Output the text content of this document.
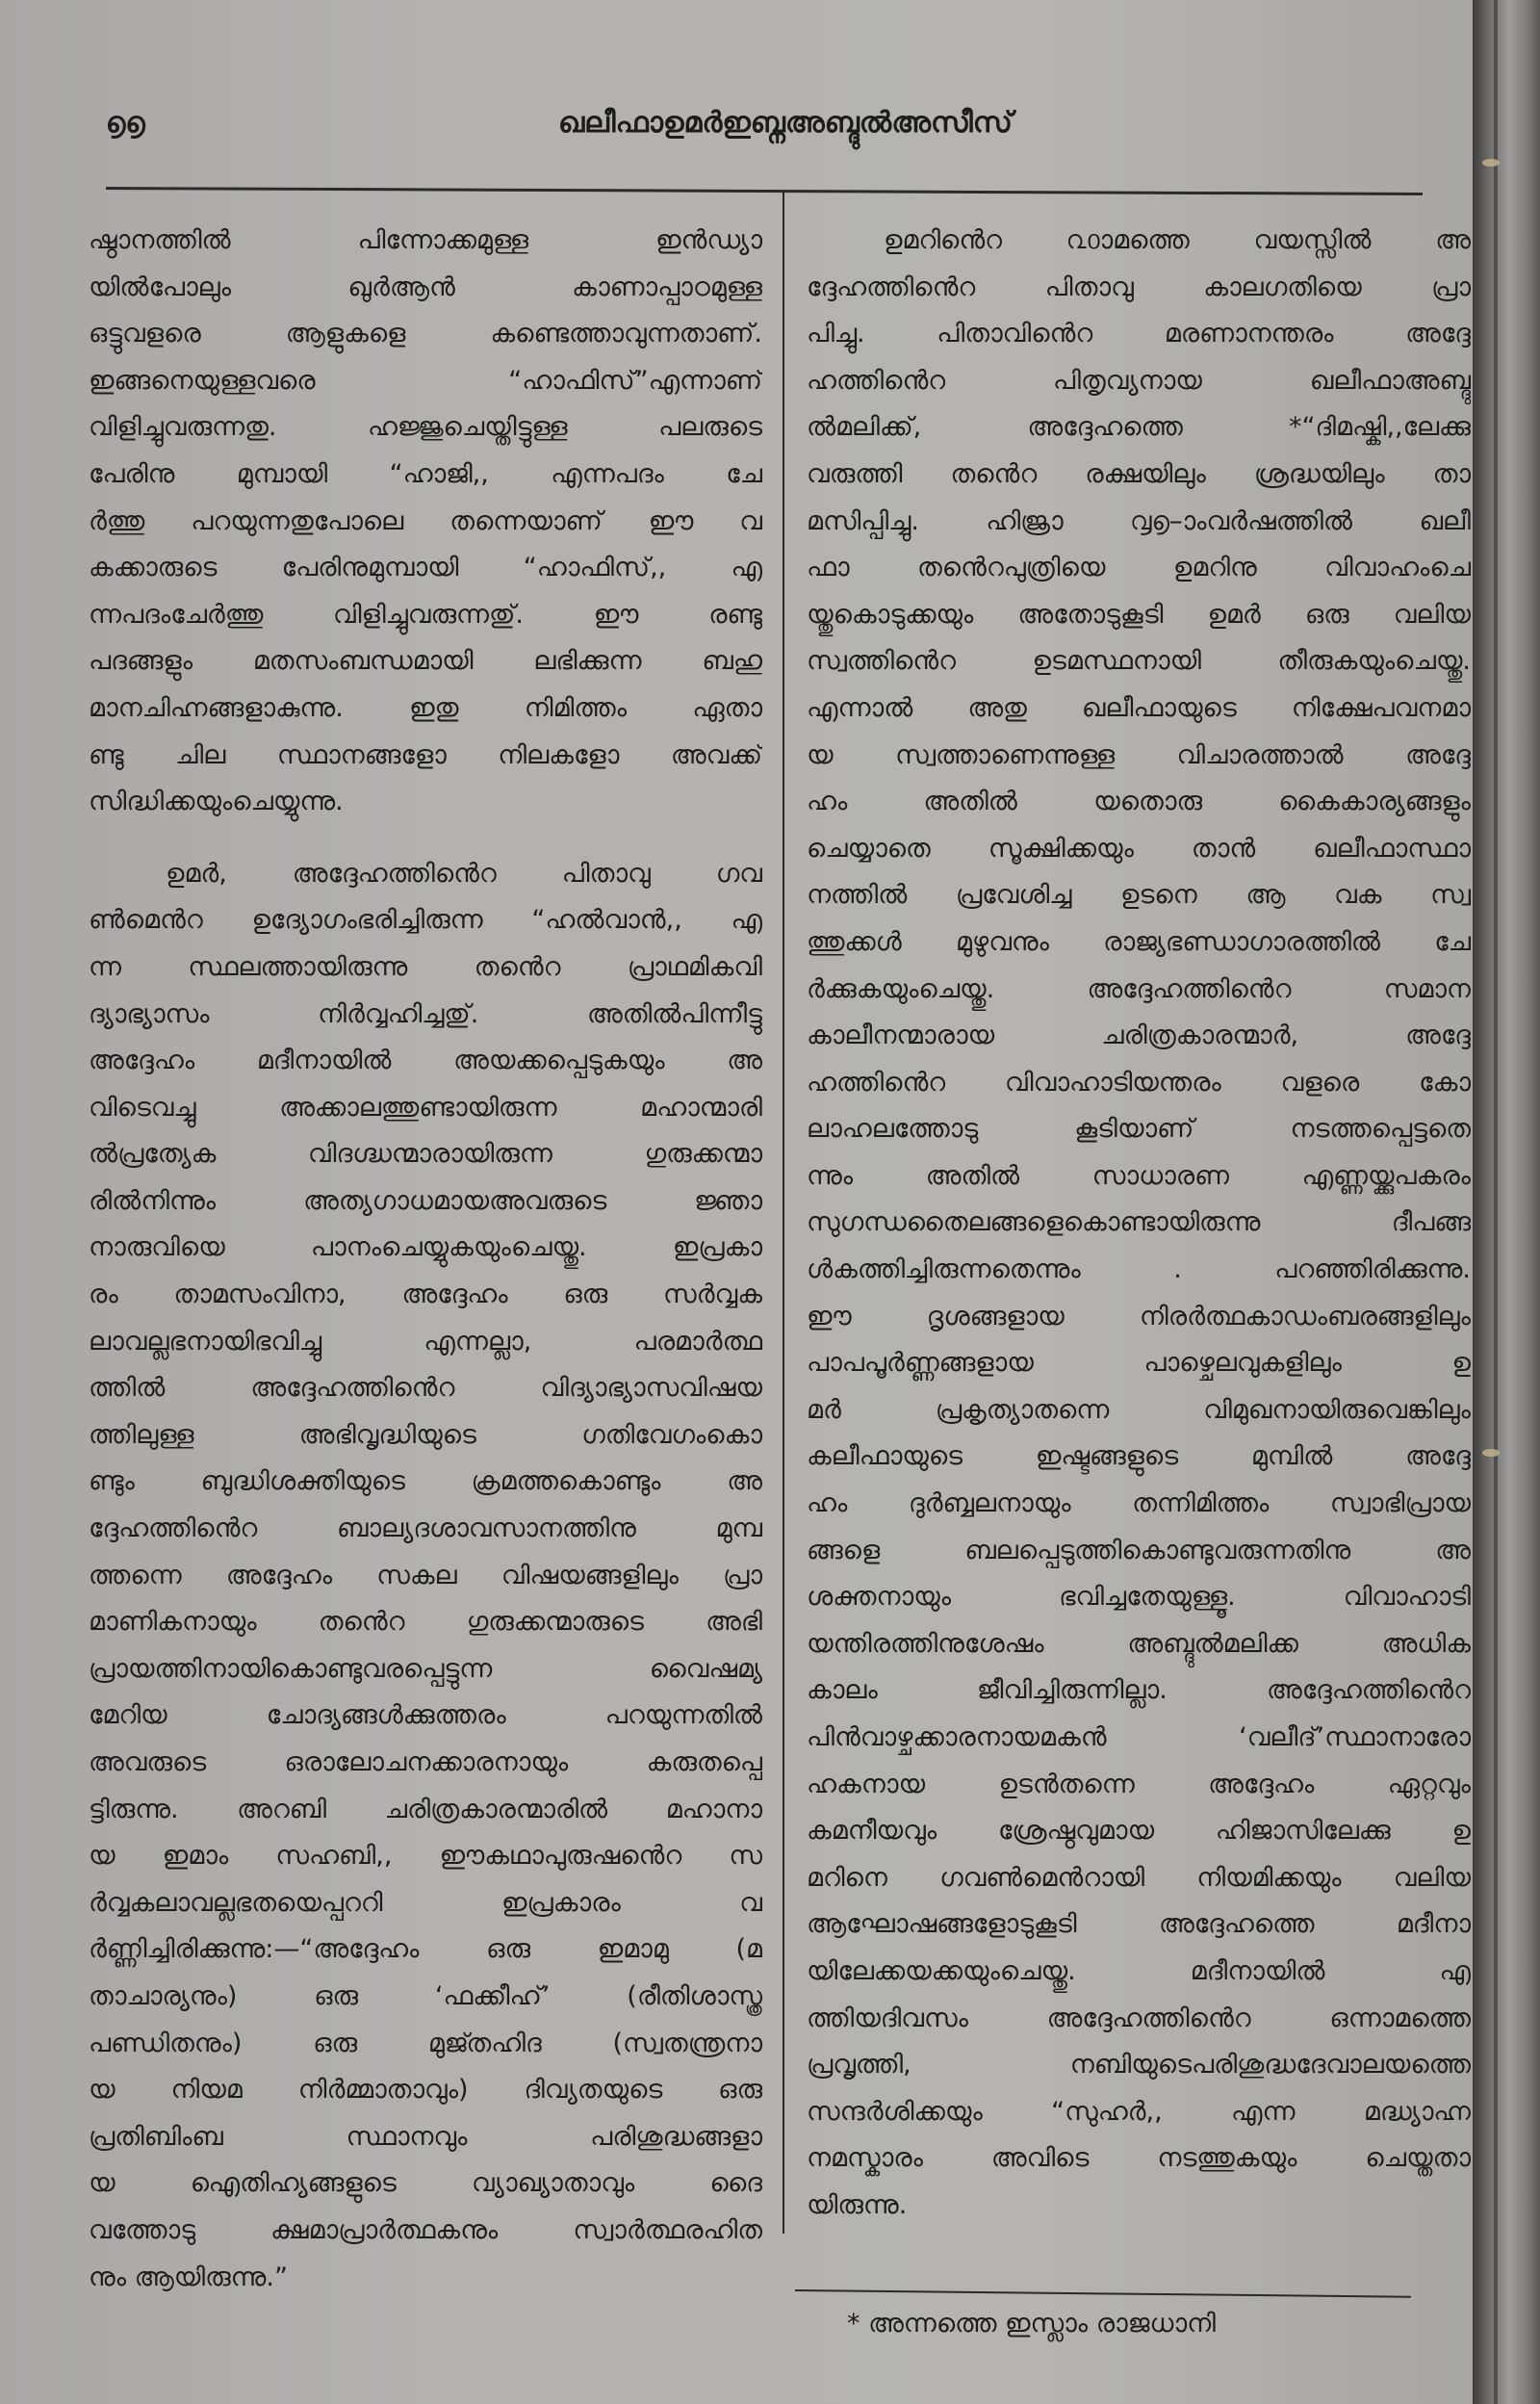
൭൭	ഖലീഫാഉമർഇബ്നഅബ്ദുൽഅസീസ്
ഷ്ഠാനത്തിൽ പിന്നോക്കമുള്ള ഇൻഡ്യാ
യിൽപോലും ഖുർആൻ കാണാപ്പാഠമുള്ള
ഒട്ടുവളരെ ആളുകളെ കണ്ടെത്താവുന്നതാണ്.
ഇങ്ങനെയുള്ളവരെ “ഹാഫിസ്”എന്നാണ്
വിളിച്ചുവരുന്നതു. ഹജ്ജുചെയ്തിട്ടുള്ള പലരുടെ
പേരിനു മുമ്പായി “ഹാജി,, എന്നപദം ചേ
ർത്തു പറയുന്നതുപോലെ തന്നെയാണ് ഈ വ
കക്കാരുടെ പേരിനുമുമ്പായി “ഹാഫിസ്,, എ
ന്നപദംചേർത്തു വിളിച്ചുവരുന്നതു്. ഈ രണ്ടു
പദങ്ങളും മതസംബന്ധമായി ലഭിക്കുന്ന ബഹു
മാനചിഹ്നങ്ങളാകുന്നു. ഇതു നിമിത്തം ഏതാ
ണ്ടു ചില സ്ഥാനങ്ങളോ നിലകളോ അവക്ക്
സിദ്ധിക്കയുംചെയ്യുന്നു.
ഉമർ, അദ്ദേഹത്തിൻെറ പിതാവു ഗവ
ൺമെൻറ ഉദ്യോഗംഭരിച്ചിരുന്ന “ഹൽവാൻ,, എ
ന്ന സ്ഥലത്തായിരുന്നു തൻെറ പ്രാഥമികവി
ദ്യാഭ്യാസം നിർവ്വഹിച്ചതു്. അതിൽപിന്നീട്ടു
അദ്ദേഹം മദീനായിൽ അയക്കപ്പെടുകയും അ
വിടെവച്ചു അക്കാലത്തുണ്ടായിരുന്ന മഹാന്മാരി
ൽപ്രത്യേക വിദഗ്ദ്ധന്മാരായിരുന്ന ഗുരുക്കന്മാ
രിൽനിന്നും അത്യഗാധമായഅവരുടെ ജ്ഞാ
നാരുവിയെ പാനംചെയ്യുകയുംചെയ്തു. ഇപ്രകാ
രം താമസംവിനാ, അദ്ദേഹം ഒരു സർവ്വക
ലാവല്ലഭനായിഭവിച്ചു എന്നല്ലാ, പരമാർത്ഥ
ത്തിൽ അദ്ദേഹത്തിൻെറ വിദ്യാഭ്യാസവിഷയ
ത്തിലുള്ള അഭിവൃദ്ധിയുടെ ഗതിവേഗംകൊ
ണ്ടും ബുദ്ധിശക്തിയുടെ ക്രമത്തകൊണ്ടും അ
ദ്ദേഹത്തിൻെറ ബാല്യദശാവസാനത്തിനു മുമ്പ
ത്തന്നെ അദ്ദേഹം സകല വിഷയങ്ങളിലും പ്രാ
മാണികനായും തൻെറ ഗുരുക്കന്മാരുടെ അഭി
പ്രായത്തിനായികൊണ്ടുവരപ്പെട്ടുന്ന വൈഷമ്യ
മേറിയ ചോദ്യങ്ങൾക്കുത്തരം പറയുന്നതിൽ
അവരുടെ ഒരാലോചനക്കാരനായും കരുതപ്പെ
ട്ടിരുന്നു. അറബി ചരിത്രകാരന്മാരിൽ മഹാനാ
യ ഇമാം സഹബി,, ഈകഥാപുരുഷൻെറ സ
ർവ്വകലാവല്ലഭതയെപ്പററി ഇപ്രകാരം വ
ർണ്ണിച്ചിരിക്കുന്നു:—“അദ്ദേഹം ഒരു ഇമാമു (മ
താചാര്യനും) ഒരു ‘ഫക്കീഹ്’ (രീതിശാസ്ത്ര
പണ്ഡിതനും) ഒരു മുജ്തഹിദ (സ്വതന്ത്രനാ
യ നിയമ നിർമ്മാതാവും) ദിവ്യതയുടെ ഒരു
പ്രതിബിംബ സ്ഥാനവും പരിശുദ്ധങ്ങളാ
യ ഐതിഹ്യങ്ങളുടെ വ്യാഖ്യാതാവും ദൈ
വത്തോടു ക്ഷമാപ്രാർത്ഥകനും സ്വാർത്ഥരഹിത
നും ആയിരുന്നു.”
ഉമറിൻെറ ൨൦ാമത്തെ വയസ്സിൽ അ
ദ്ദേഹത്തിൻെറ പിതാവു കാലഗതിയെ പ്രാ
പിച്ചു. പിതാവിൻെറ മരണാനന്തരം അദ്ദേ
ഹത്തിൻെറ പിതൃവ്യനായ ഖലീഫാഅബ്ദു
ൽമലിക്ക്, അദ്ദേഹത്തെ *“ദിമഷ്കി,,ലേക്കു
വരുത്തി തൻെറ രക്ഷയിലും ശ്രദ്ധയിലും താ
മസിപ്പിച്ചു. ഹിജ്രാ ൮൭–ാംവർഷത്തിൽ ഖലീ
ഫാ തൻെറപുത്രിയെ ഉമറിനു വിവാഹംചെ
യ്തുകൊടുക്കയും അതോടുകൂടി ഉമർ ഒരു വലിയ
സ്വത്തിൻെറ ഉടമസ്ഥനായി തീരുകയുംചെയ്തു.
എന്നാൽ അതു ഖലീഫായുടെ നിക്ഷേപവനമാ
യ സ്വത്താണെന്നുള്ള വിചാരത്താൽ അദ്ദേ
ഹം അതിൽ യതൊരു കൈകാര്യങ്ങളും
ചെയ്യാതെ സൂക്ഷിക്കയും താൻ ഖലീഫാസ്ഥാ
നത്തിൽ പ്രവേശിച്ച ഉടനെ ആ വക സ്വ
ത്തുക്കൾ മുഴുവനും രാജ്യഭണ്ഡാഗാരത്തിൽ ചേ
ർക്കുകയുംചെയ്തു. അദ്ദേഹത്തിൻെറ സമാന
കാലീനന്മാരായ ചരിത്രകാരന്മാർ, അദ്ദേ
ഹത്തിൻെറ വിവാഹാടിയന്തരം വളരെ കോ
ലാഹലത്തോടു കൂടിയാണ് നടത്തപ്പെട്ടതെ
ന്നും അതിൽ സാധാരണ എണ്ണയ്ക്കുപകരം
സുഗന്ധതൈലങ്ങളെകൊണ്ടായിരുന്നു ദീപങ്ങ
ൾകത്തിച്ചിരുന്നതെന്നും . പറഞ്ഞിരിക്കുന്നു.
ഈ ദൃശങ്ങളായ നിരർത്ഥകാഡംബരങ്ങളിലും
പാപപൂർണ്ണങ്ങളായ പാഴ്ചെലവുകളിലും ഉ
മർ പ്രകൃത്യാതന്നെ വിമുഖനായിരുവെങ്കിലും
കലീഫായുടെ ഇഷ്ടങ്ങളുടെ മുമ്പിൽ അദ്ദേ
ഹം ദുർബ്ബലനായും തന്നിമിത്തം സ്വാഭിപ്രായ
ങ്ങളെ ബലപ്പെടുത്തികൊണ്ടുവരുന്നതിനു അ
ശക്തനായും ഭവിച്ചതേയുള്ളൂ. വിവാഹാടി
യന്തിരത്തിനുശേഷം അബ്ദുൽമലിക്ക അധിക
കാലം ജീവിച്ചിരുന്നില്ലാ. അദ്ദേഹത്തിൻെറ
പിൻവാഴ്ചക്കാരനായമകൻ ‘വലീദ്’സ്ഥാനാരോ
ഹകനായ ഉടൻതന്നെ അദ്ദേഹം ഏറ്റവും
കമനീയവും ശ്രേഷ്ഠവുമായ ഹിജാസിലേക്കു ഉ
മറിനെ ഗവൺമെൻറായി നിയമിക്കയും വലിയ
ആഘോഷങ്ങളോടുകൂടി അദ്ദേഹത്തെ മദീനാ
യിലേക്കയക്കയുംചെയ്തു. മദീനായിൽ എ
ത്തിയദിവസം അദ്ദേഹത്തിൻെറ ഒന്നാമത്തെ
പ്രവൃത്തി, നബിയുടെപരിശുദ്ധദേവാലയത്തെ
സന്ദർശിക്കയും “സുഹർ,, എന്ന മദ്ധ്യാഹ്ന
നമസ്കാരം അവിടെ നടത്തുകയും ചെയ്തതാ
യിരുന്നു.
* അന്നത്തെ ഇസ്ലാം രാജധാനി
